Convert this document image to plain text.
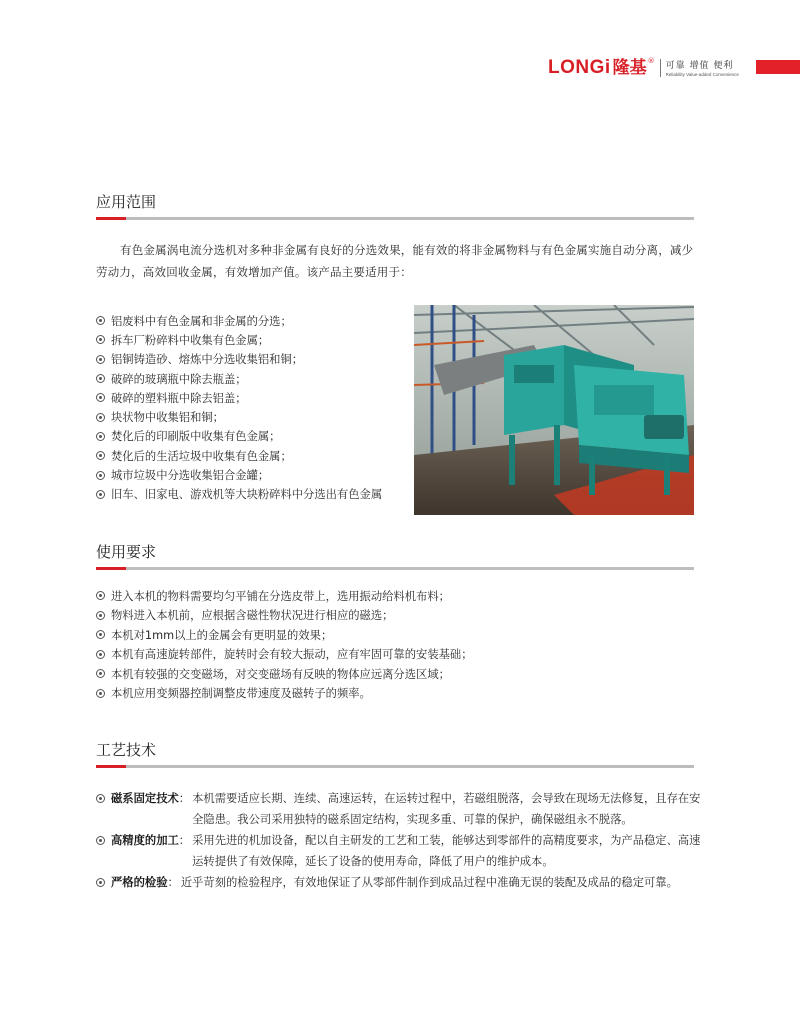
LONGi 隆基 ® 可靠 增值 便利
Reliability Value-added Convenience
应用范围

有色金属涡电流分选机对多种非金属有良好的分选效果，能有效的将非金属物料与有色金属实施自动分离，减少劳动力，高效回收金属，有效增加产值。该产品主要适用于：

铝废料中有色金属和非金属的分选；
拆车厂粉碎料中收集有色金属；
铝铜铸造砂、熔炼中分选收集铝和铜；
破碎的玻璃瓶中除去瓶盖；
破碎的塑料瓶中除去铝盖；
块状物中收集铝和铜；
焚化后的印刷版中收集有色金属；
焚化后的生活垃圾中收集有色金属；
城市垃圾中分选收集铝合金罐；
旧车、旧家电、游戏机等大块粉碎料中分选出有色金属
使用要求
进入本机的物料需要均匀平铺在分选皮带上，选用振动给料机布料；
物料进入本机前，应根据含磁性物状况进行相应的磁选；
本机对1mm以上的金属会有更明显的效果；
本机有高速旋转部件，旋转时会有较大振动，应有牢固可靠的安装基础；
本机有较强的交变磁场，对交变磁场有反映的物体应远离分选区域；
本机应用变频器控制调整皮带速度及磁转子的频率。
工艺技术
磁系固定技术 ： 本机需要适应长期、连续、高速运转，在运转过程中，若磁组脱落，会导致在现场无法修复，且存在安全隐患。我公司采用独特的磁系固定结构，实现多重、可靠的保护，确保磁组永不脱落。
高精度的加工 ： 采用先进的机加设备，配以自主研发的工艺和工装，能够达到零部件的高精度要求，为产品稳定、高速运转提供了有效保障，延长了设备的使用寿命，降低了用户的维护成本。
严格的检验 ： 近乎苛刻的检验程序，有效地保证了从零部件制作到成品过程中准确无误的装配及成品的稳定可靠。
